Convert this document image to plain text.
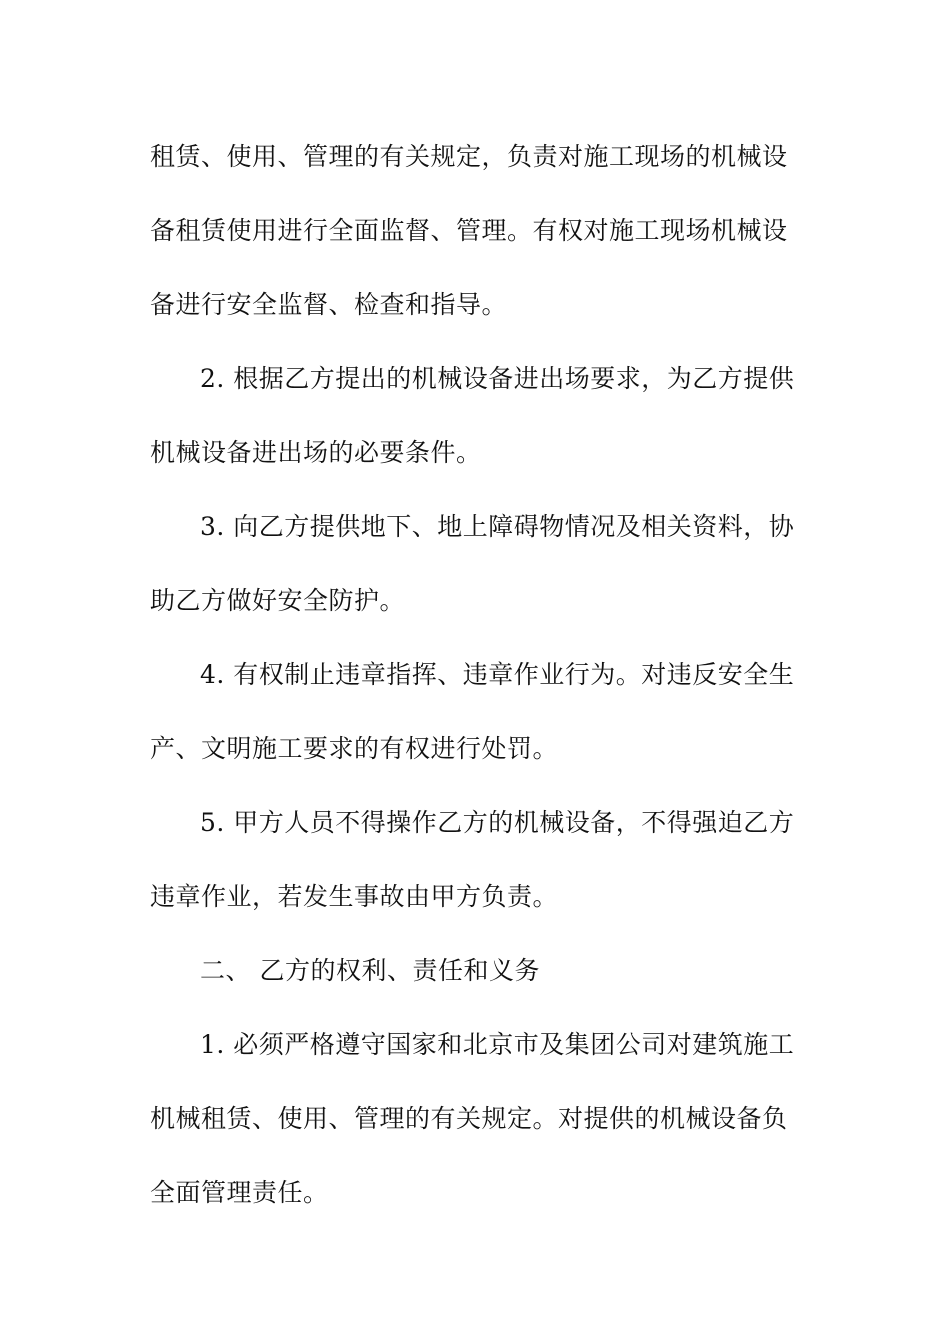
租赁、使用、管理的有关规定，负责对施工现场的机械设
备租赁使用进行全面监督、管理。有权对施工现场机械设
备进行安全监督、检查和指导。
2. 根据乙方提出的机械设备进出场要求，为乙方提供
机械设备进出场的必要条件。
3. 向乙方提供地下、地上障碍物情况及相关资料，协
助乙方做好安全防护。
4. 有权制止违章指挥、违章作业行为。对违反安全生
产、文明施工要求的有权进行处罚。
5. 甲方人员不得操作乙方的机械设备，不得强迫乙方
违章作业，若发生事故由甲方负责。
二、 乙方的权利、责任和义务
1. 必须严格遵守国家和北京市及集团公司对建筑施工
机械租赁、使用、管理的有关规定。对提供的机械设备负
全面管理责任。
